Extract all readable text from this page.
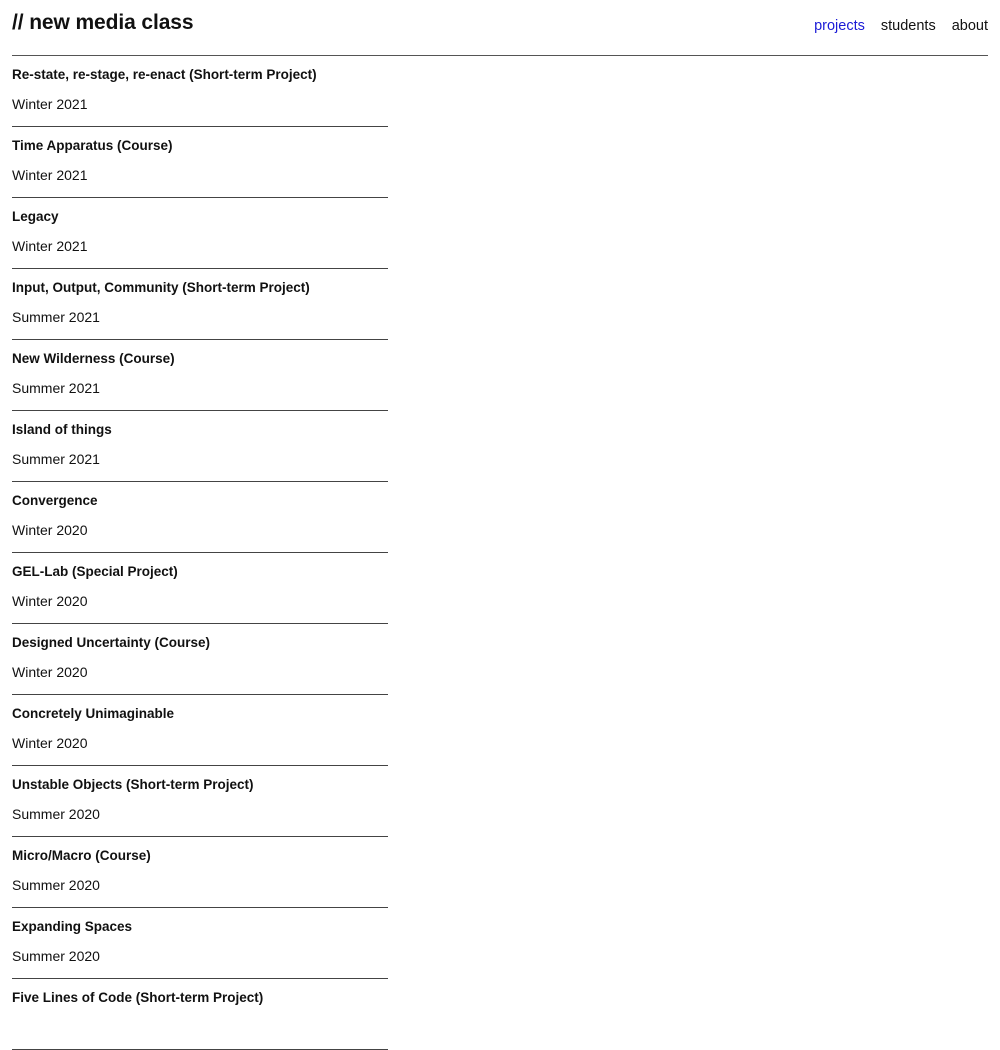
// new media class	projects students about
Re-state, re-stage, re-enact (Short-term Project)
Winter 2021
Time Apparatus (Course)
Winter 2021
Legacy
Winter 2021
Input, Output, Community (Short-term Project)
Summer 2021
New Wilderness (Course)
Summer 2021
Island of things
Summer 2021
Convergence
Winter 2020
GEL-Lab (Special Project)
Winter 2020
Designed Uncertainty (Course)
Winter 2020
Concretely Unimaginable
Winter 2020
Unstable Objects (Short-term Project)
Summer 2020
Micro/Macro (Course)
Summer 2020
Expanding Spaces
Summer 2020
Five Lines of Code (Short-term Project)
